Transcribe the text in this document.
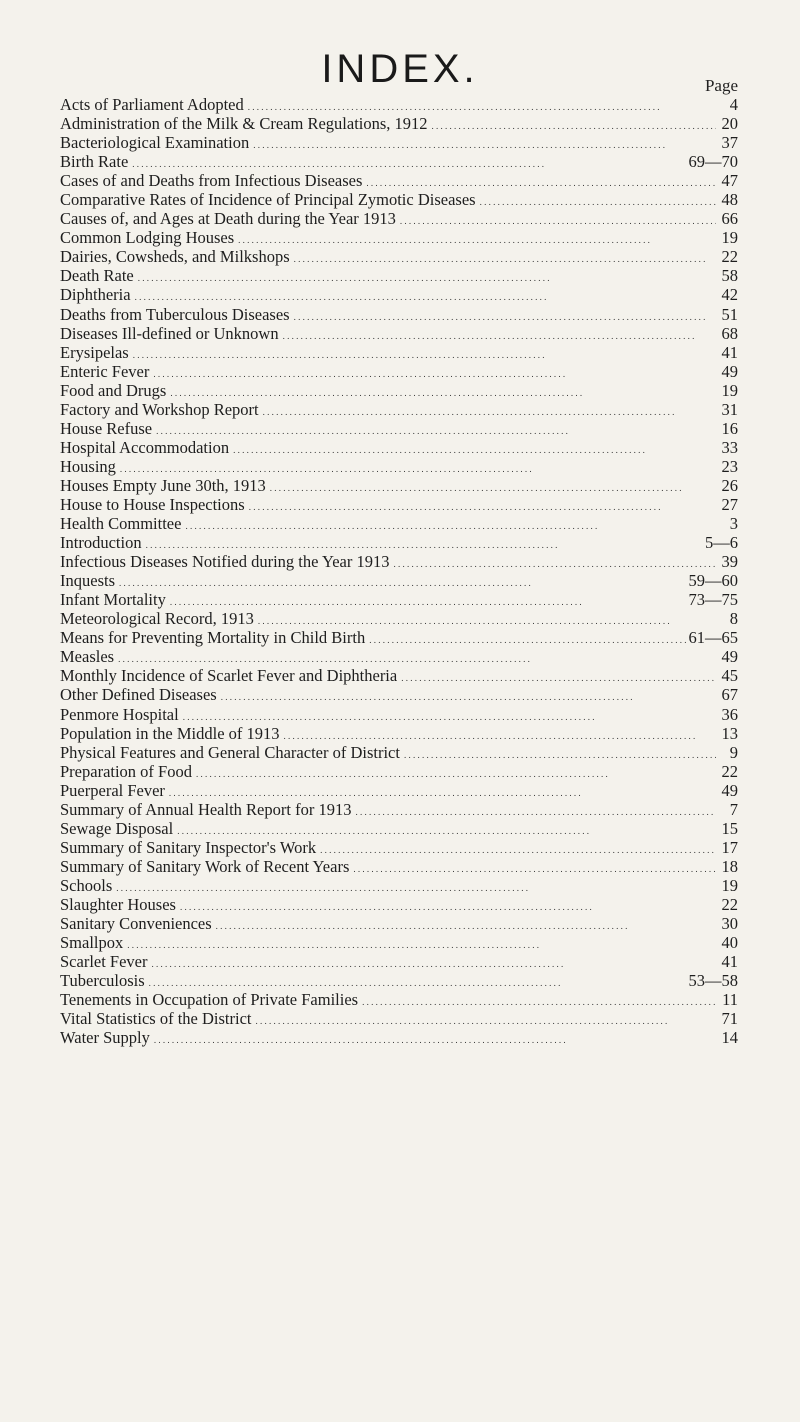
INDEX.	Page
Acts of Parliament Adopted . . .	4
Administration of the Milk & Cream Regulations, 1912 . . .	20
Bacteriological Examination . . .	37
Birth Rate . . .	69—70
Cases of and Deaths from Infectious Diseases . . .	47
Comparative Rates of Incidence of Principal Zymotic Diseases . . .	48
Causes of, and Ages at Death during the Year 1913 . . .	66
Common Lodging Houses . . .	19
Dairies, Cowsheds, and Milkshops . . .	22
Death Rate . . .	58
Diphtheria . . .	42
Deaths from Tuberculous Diseases . . .	51
Diseases Ill-defined or Unknown . . .	68
Erysipelas . . .	41
Enteric Fever . . .	49
Food and Drugs . . .	19
Factory and Workshop Report . . .	31
House Refuse . . .	16
Hospital Accommodation . . .	33
Housing . . .	23
Houses Empty June 30th, 1913 . . .	26
House to House Inspections . . .	27
Health Committee . . .	3
Introduction . . .	5—6
Infectious Diseases Notified during the Year 1913 . . .	39
Inquests . . .	59—60
Infant Mortality . . .	73—75
Meteorological Record, 1913 . . .	8
Means for Preventing Mortality in Child Birth . . .	61—65
Measles . . .	49
Monthly Incidence of Scarlet Fever and Diphtheria . . .	45
Other Defined Diseases . . .	67
Penmore Hospital . . .	36
Population in the Middle of 1913 . . .	13
Physical Features and General Character of District . . .	9
Preparation of Food . . .	22
Puerperal Fever . . .	49
Summary of Annual Health Report for 1913 . . .	7
Sewage Disposal . . .	15
Summary of Sanitary Inspector's Work . . .	17
Summary of Sanitary Work of Recent Years . . .	18
Schools . . .	19
Slaughter Houses . . .	22
Sanitary Conveniences . . .	30
Smallpox . . .	40
Scarlet Fever . . .	41
Tuberculosis . . .	53—58
Tenements in Occupation of Private Families . . .	11
Vital Statistics of the District . . .	71
Water Supply . . .	14
